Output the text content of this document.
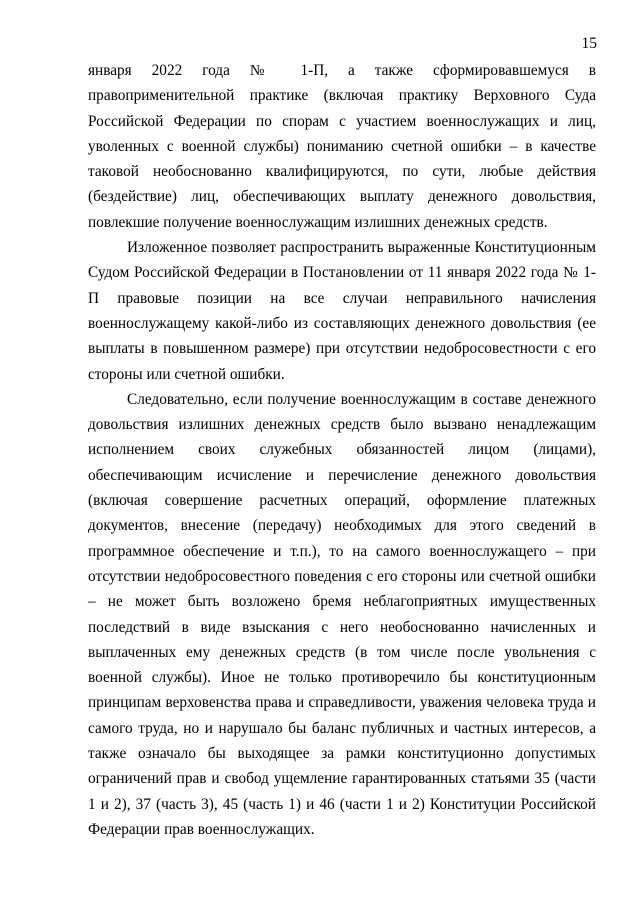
15

января 2022 года № 1-П, а также сформировавшемуся в правоприменительной практике (включая практику Верховного Суда Российской Федерации по спорам с участием военнослужащих и лиц, уволенных с военной службы) пониманию счетной ошибки – в качестве таковой необоснованно квалифицируются, по сути, любые действия (бездействие) лиц, обеспечивающих выплату денежного довольствия, повлекшие получение военнослужащим излишних денежных средств.

Изложенное позволяет распространить выраженные Конституционным Судом Российской Федерации в Постановлении от 11 января 2022 года № 1-П правовые позиции на все случаи неправильного начисления военнослужащему какой-либо из составляющих денежного довольствия (ее выплаты в повышенном размере) при отсутствии недобросовестности с его стороны или счетной ошибки.

Следовательно, если получение военнослужащим в составе денежного довольствия излишних денежных средств было вызвано ненадлежащим исполнением своих служебных обязанностей лицом (лицами), обеспечивающим исчисление и перечисление денежного довольствия (включая совершение расчетных операций, оформление платежных документов, внесение (передачу) необходимых для этого сведений в программное обеспечение и т.п.), то на самого военнослужащего – при отсутствии недобросовестного поведения с его стороны или счетной ошибки – не может быть возложено бремя неблагоприятных имущественных последствий в виде взыскания с него необоснованно начисленных и выплаченных ему денежных средств (в том числе после увольнения с военной службы). Иное не только противоречило бы конституционным принципам верховенства права и справедливости, уважения человека труда и самого труда, но и нарушало бы баланс публичных и частных интересов, а также означало бы выходящее за рамки конституционно допустимых ограничений прав и свобод ущемление гарантированных статьями 35 (части 1 и 2), 37 (часть 3), 45 (часть 1) и 46 (части 1 и 2) Конституции Российской Федерации прав военнослужащих.
